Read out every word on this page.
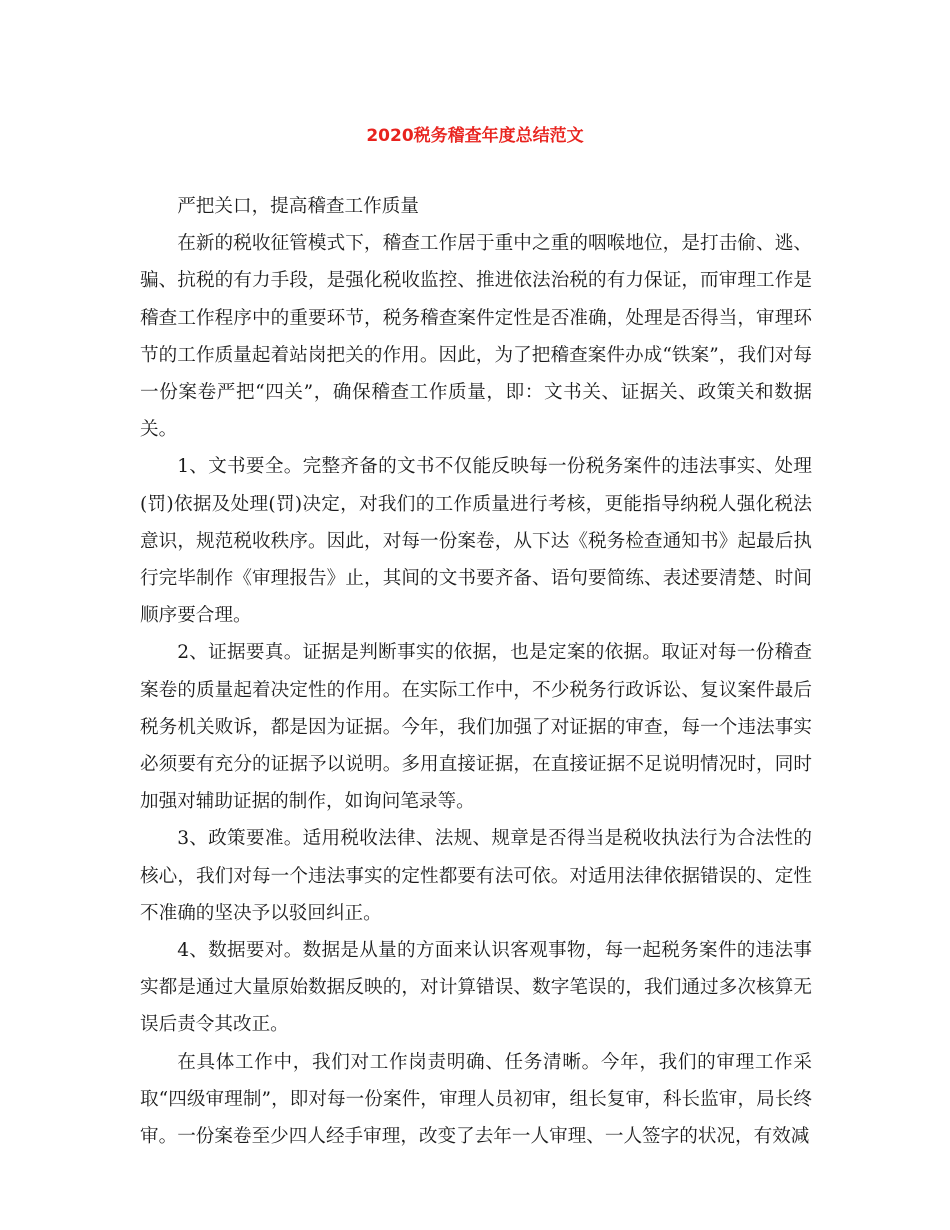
2020税务稽查年度总结范文

严把关口，提高稽查工作质量

在新的税收征管模式下，稽查工作居于重中之重的咽喉地位，是打击偷、逃、骗、抗税的有力手段，是强化税收监控、推进依法治税的有力保证，而审理工作是稽查工作程序中的重要环节，税务稽查案件定性是否准确，处理是否得当，审理环节的工作质量起着站岗把关的作用。因此，为了把稽查案件办成“铁案”，我们对每一份案卷严把“四关”，确保稽查工作质量，即：文书关、证据关、政策关和数据关。

1、文书要全。完整齐备的文书不仅能反映每一份税务案件的违法事实、处理(罚)依据及处理(罚)决定，对我们的工作质量进行考核，更能指导纳税人强化税法意识，规范税收秩序。因此，对每一份案卷，从下达《税务检查通知书》起最后执行完毕制作《审理报告》止，其间的文书要齐备、语句要简练、表述要清楚、时间顺序要合理。

2、证据要真。证据是判断事实的依据，也是定案的依据。取证对每一份稽查案卷的质量起着决定性的作用。在实际工作中，不少税务行政诉讼、复议案件最后税务机关败诉，都是因为证据。今年，我们加强了对证据的审查，每一个违法事实必须要有充分的证据予以说明。多用直接证据，在直接证据不足说明情况时，同时加强对辅助证据的制作，如询问笔录等。

3、政策要准。适用税收法律、法规、规章是否得当是税收执法行为合法性的核心，我们对每一个违法事实的定性都要有法可依。对适用法律依据错误的、定性不准确的坚决予以驳回纠正。

4、数据要对。数据是从量的方面来认识客观事物，每一起税务案件的违法事实都是通过大量原始数据反映的，对计算错误、数字笔误的，我们通过多次核算无误后责令其改正。

在具体工作中，我们对工作岗责明确、任务清晰。今年，我们的审理工作采取“四级审理制”，即对每一份案件，审理人员初审，组长复审，科长监审，局长终审。一份案卷至少四人经手审理，改变了去年一人审理、一人签字的状况，有效减
